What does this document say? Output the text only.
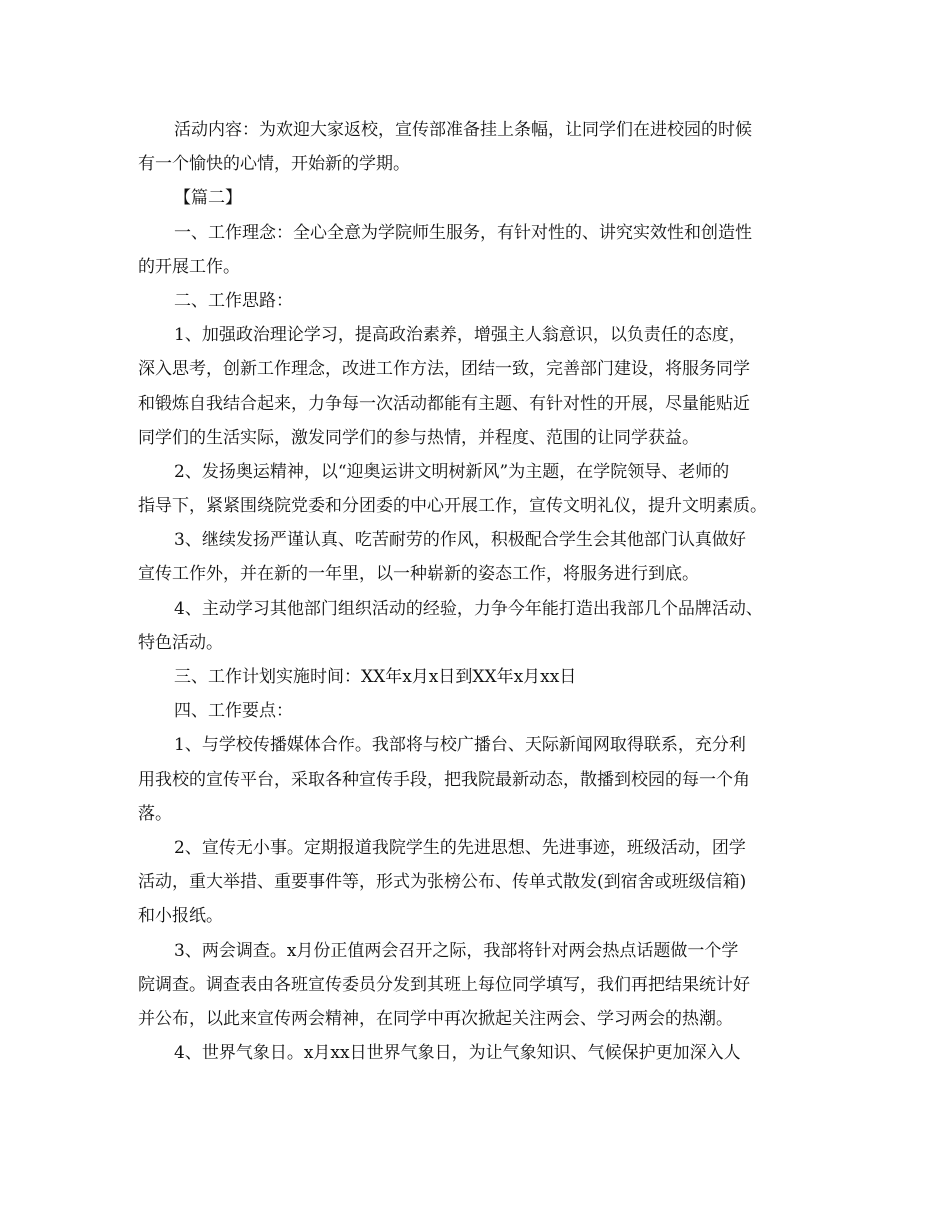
活动内容：为欢迎大家返校，宣传部准备挂上条幅，让同学们在进校园的时候
有一个愉快的心情，开始新的学期。
【篇二】
一、工作理念：全心全意为学院师生服务，有针对性的、讲究实效性和创造性
的开展工作。
二、工作思路：
1、加强政治理论学习，提高政治素养，增强主人翁意识，以负责任的态度，
深入思考，创新工作理念，改进工作方法，团结一致，完善部门建设，将服务同学
和锻炼自我结合起来，力争每一次活动都能有主题、有针对性的开展，尽量能贴近
同学们的生活实际，激发同学们的参与热情，并程度、范围的让同学获益。
2、发扬奥运精神，以“迎奥运讲文明树新风”为主题，在学院领导、老师的
指导下，紧紧围绕院党委和分团委的中心开展工作，宣传文明礼仪，提升文明素质。
3、继续发扬严谨认真、吃苦耐劳的作风，积极配合学生会其他部门认真做好
宣传工作外，并在新的一年里，以一种崭新的姿态工作，将服务进行到底。
4、主动学习其他部门组织活动的经验，力争今年能打造出我部几个品牌活动、
特色活动。
三、工作计划实施时间：XX年x月x日到XX年x月xx日
四、工作要点：
1、与学校传播媒体合作。我部将与校广播台、天际新闻网取得联系，充分利
用我校的宣传平台，采取各种宣传手段，把我院最新动态，散播到校园的每一个角
落。
2、宣传无小事。定期报道我院学生的先进思想、先进事迹，班级活动，团学
活动，重大举措、重要事件等，形式为张榜公布、传单式散发(到宿舍或班级信箱)
和小报纸。
3、两会调查。x月份正值两会召开之际，我部将针对两会热点话题做一个学
院调查。调查表由各班宣传委员分发到其班上每位同学填写，我们再把结果统计好
并公布，以此来宣传两会精神，在同学中再次掀起关注两会、学习两会的热潮。
4、世界气象日。x月xx日世界气象日，为让气象知识、气候保护更加深入人
